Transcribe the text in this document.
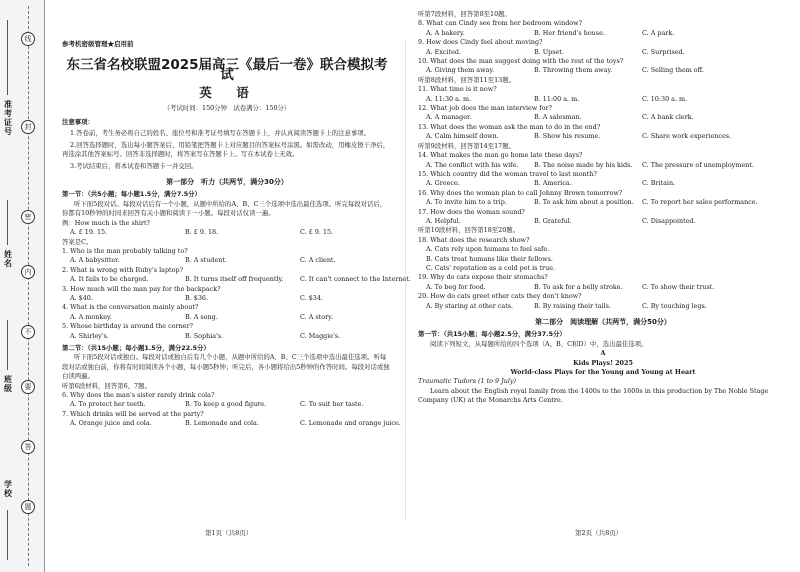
线
封
密
内
不
要
答
题
准考证号
姓名
班级
学校
参考机密级管理★启用前
东三省名校联盟2025届高三《最后一卷》联合模拟考试
英　语
（考试时间：150分钟　试卷满分：150分）
注意事项：
1.答卷前，考生务必将自己的姓名、座位号和准考证号填写在答题卡上，并认真阅读答题卡上的注意事项。
2.回答选择题时，选出每小题答案后，用铅笔把答题卡上对应题目的答案标号涂黑。如需改动，用橡皮擦干净后，再选涂其他答案标号。回答非选择题时，将答案写在答题卡上。写在本试卷上无效。
3.考试结束后，将本试卷和答题卡一并交回。
第一部分　听力（共两节，满分30分）
第一节：（共5小题；每小题1.5分，满分7.5分）
听下面5段对话。每段对话后有一个小题，从题中所给的A、B、C三个选项中选出最佳选项。听完每段对话后，你都有10秒钟的时间来回答有关小题和阅读下一小题。每段对话仅读一遍。
例：How much is the shirt?
A. £ 19. 15.	B. £ 9. 18.	C. £ 9. 15.
答案是C。
1. Who is the man probably talking to?
A. A babysitter.	B. A student.	C. A client.
2. What is wrong with Ruby's laptop?
A. It fails to be charged.	B. It turns itself off frequently.	C. It can't connect to the Internet.
3. How much will the man pay for the backpack?
A. $40.	B. $36.	C. $34.
4. What is the conversation mainly about?
A. A monkey.	B. A song.	C. A story.
5. Whose birthday is around the corner?
A. Shirley's.	B. Sophia's.	C. Maggie's.
第二节：（共15小题；每小题1.5分，满分22.5分）
听下面5段对话或独白。每段对话或独白后有几个小题，从题中所给的A、B、C三个选项中选出最佳选项。听每段对话或独白前，你将有时间阅读各个小题，每小题5秒钟；听完后，各小题将给出5秒钟的作答时间。每段对话或独白读两遍。
听第6段材料，回答第6、7题。
6. Why does the man's sister rarely drink cola?
A. To protect her teeth.	B. To keep a good figure.	C. To suit her taste.
7. Which drinks will be served at the party?
A. Orange juice and cola.	B. Lemonade and cola.	C. Lemonade and orange juice.
听第7段材料，回答第8至10题。
8. What can Cindy see from her bedroom window?
A. A bakery.	B. Her friend's house.	C. A park.
9. How does Cindy feel about moving?
A. Excited.	B. Upset.	C. Surprised.
10. What does the man suggest doing with the rest of the toys?
A. Giving them away.	B. Throwing them away.	C. Selling them off.
听第8段材料，回答第11至13题。
11. What time is it now?
A. 11:30 a. m.	B. 11:00 a. m.	C. 10:30 a. m.
12. What job does the man interview for?
A. A manager.	B. A salesman.	C. A bank clerk.
13. What does the woman ask the man to do in the end?
A. Calm himself down.	B. Show his resume.	C. Share work experiences.
听第9段材料，回答第14至17题。
14. What makes the man go home late these days?
A. The conflict with his wife.	B. The noise made by his kids.	C. The pressure of unemployment.
15. Which country did the woman travel to last month?
A. Greece.	B. America.	C. Britain.
16. Why does the woman plan to call Johnny Brown tomorrow?
A. To invite him to a trip.	B. To ask him about a position.	C. To report her sales performance.
17. How does the woman sound?
A. Helpful.	B. Grateful.	C. Disappointed.
听第10段材料，回答第18至20题。
18. What does the research show?
A. Cats rely upon humans to feel safe.
B. Cats treat humans like their fellows.
C. Cats' reputation as a cold pet is true.
19. Why do cats expose their stomachs?
A. To beg for food.	B. To ask for a belly stroke.	C. To show their trust.
20. How do cats greet other cats they don't know?
A. By staring at other cats.	B. By raising their tails.	C. By touching legs.
第二部分　阅读理解（共两节，满分50分）
第一节：（共15小题；每小题2.5分，满分37.5分）
阅读下列短文，从每题所给的四个选项（A、B、C和D）中，选出最佳选项。
A
Kids Plays! 2025
World-class Plays for the Young and Young at Heart
Traumatic Tudors (1 to 9 July)
Learn about the English royal family from the 1400s to the 1600s in this production by The Noble Stage Company (UK) at the Monarchs Arts Centre.
第1页（共8页）	第2页（共8页）
